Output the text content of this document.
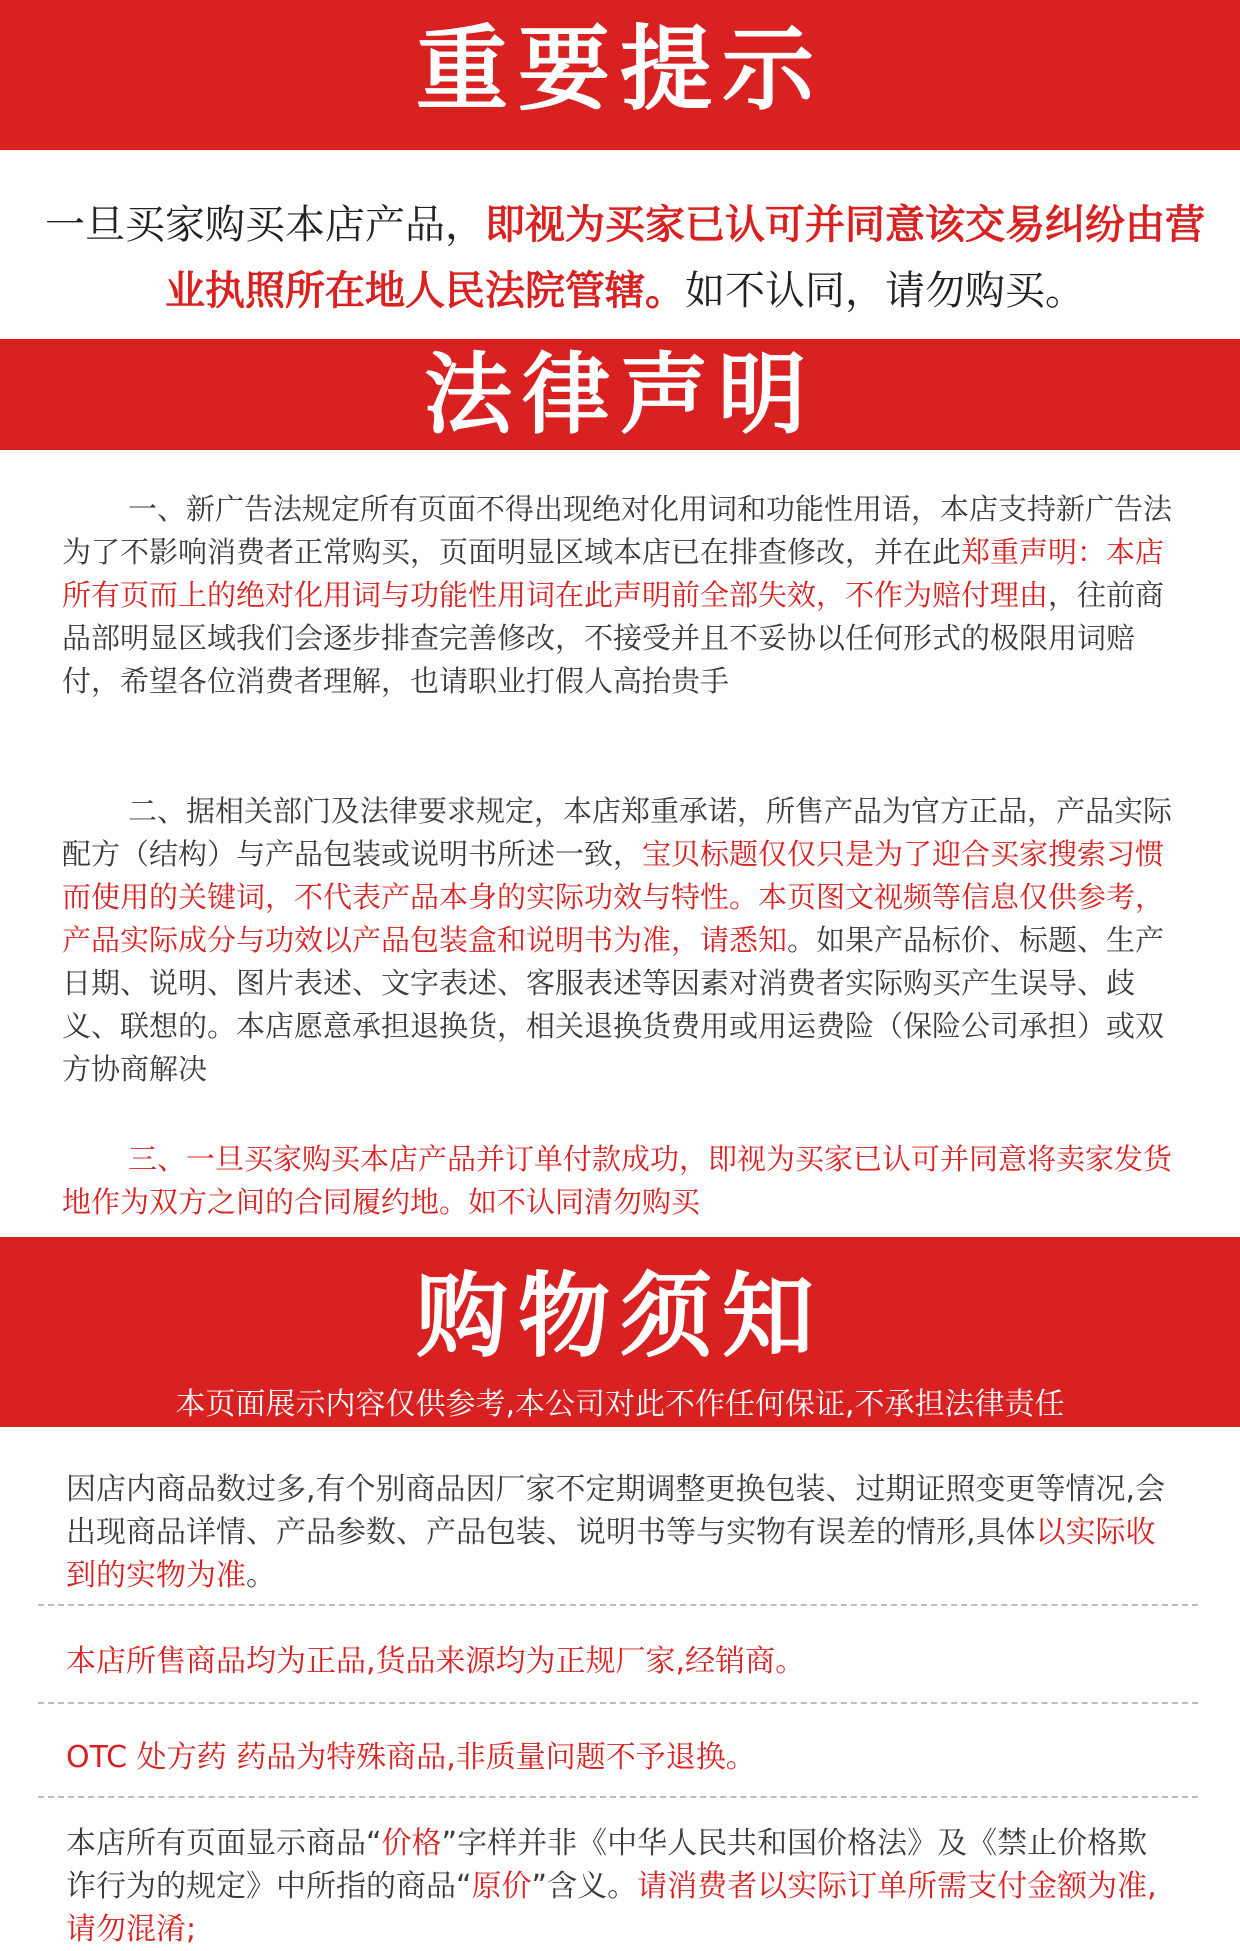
重要提示
一旦买家购买本店产品，即视为买家已认可并同意该交易纠纷由营业执照所在地人民法院管辖。如不认同，请勿购买。
法律声明
一、新广告法规定所有页面不得出现绝对化用词和功能性用语，本店支持新广告法为了不影响消费者正常购买，页面明显区域本店已在排查修改，并在此郑重声明：本店所有页而上的绝对化用词与功能性用词在此声明前全部失效，不作为赔付理由，往前商品部明显区域我们会逐步排查完善修改，不接受并且不妥协以任何形式的极限用词赔付，希望各位消费者理解，也请职业打假人高抬贵手
二、据相关部门及法律要求规定，本店郑重承诺，所售产品为官方正品，产品实际配方（结构）与产品包装或说明书所述一致，宝贝标题仅仅只是为了迎合买家搜索习惯而使用的关键词，不代表产品本身的实际功效与特性。本页图文视频等信息仅供参考，产品实际成分与功效以产品包装盒和说明书为准，请悉知。如果产品标价、标题、生产日期、说明、图片表述、文字表述、客服表述等因素对消费者实际购买产生误导、歧义、联想的。本店愿意承担退换货，相关退换货费用或用运费险（保险公司承担）或双方协商解决
三、一旦买家购买本店产品并订单付款成功，即视为买家已认可并同意将卖家发货地作为双方之间的合同履约地。如不认同清勿购买
购物须知
本页面展示内容仅供参考,本公司对此不作任何保证,不承担法律责任
因店内商品数过多,有个别商品因厂家不定期调整更换包装、过期证照变更等情况,会出现商品详情、产品参数、产品包装、说明书等与实物有误差的情形,具体以实际收到的实物为准。
本店所售商品均为正品,货品来源均为正规厂家,经销商。
OTC 处方药 药品为特殊商品,非质量问题不予退换。
本店所有页面显示商品“价格”字样并非《中华人民共和国价格法》及《禁止价格欺诈行为的规定》中所指的商品“原价”含义。请消费者以实际订单所需支付金额为准,请勿混淆;
